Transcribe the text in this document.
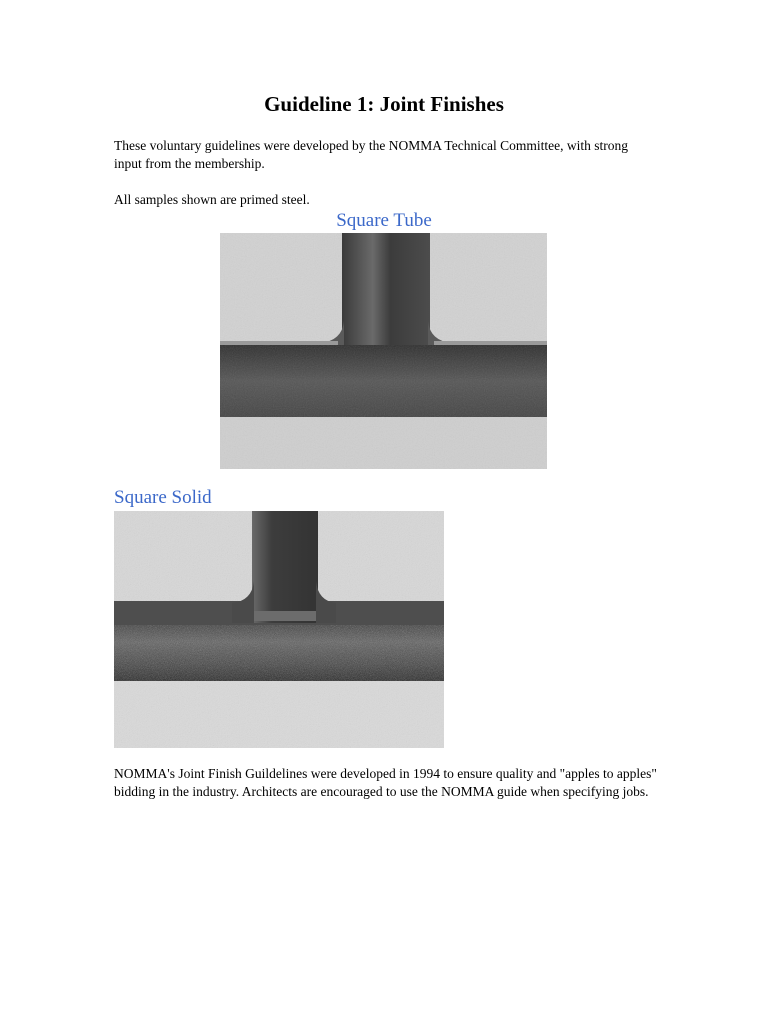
Guideline 1: Joint Finishes
These voluntary guidelines were developed by the NOMMA Technical Committee, with strong input from the membership.
All samples shown are primed steel.
Square Tube
Square Solid
NOMMA's Joint Finish Guildelines were developed in 1994 to ensure quality and "apples to apples" bidding in the industry. Architects are encouraged to use the NOMMA guide when specifying jobs.
